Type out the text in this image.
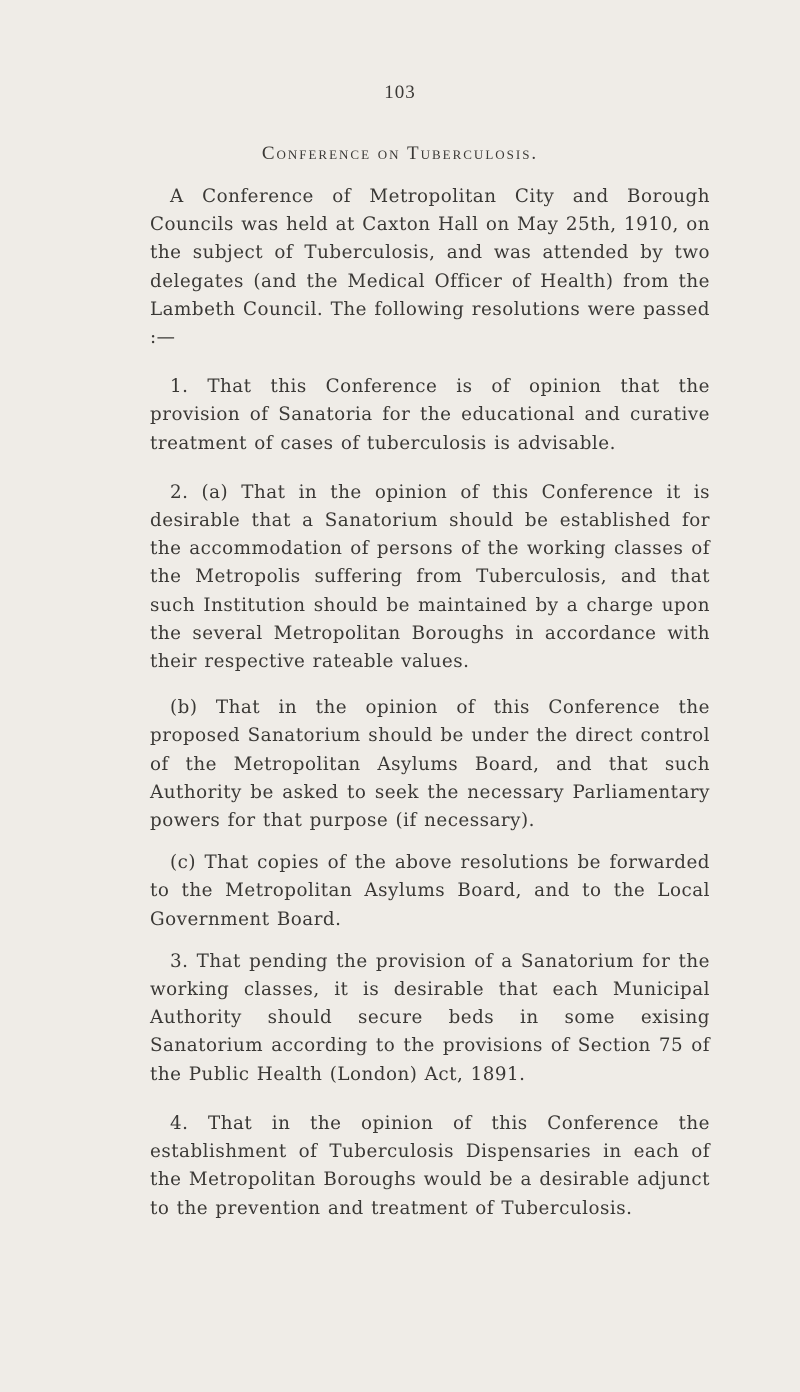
103
Conference on Tuberculosis.

A Conference of Metropolitan City and Borough Councils was held at Caxton Hall on May 25th, 1910, on the subject of Tuberculosis, and was attended by two delegates (and the Medical Officer of Health) from the Lambeth Council. The following resolutions were passed :—

1. That this Conference is of opinion that the provision of Sanatoria for the educational and curative treatment of cases of tuberculosis is advisable.

2. (a) That in the opinion of this Conference it is desirable that a Sanatorium should be established for the accommodation of persons of the working classes of the Metropolis suffering from Tuberculosis, and that such Institution should be maintained by a charge upon the several Metropolitan Boroughs in accordance with their respective rateable values.

(b) That in the opinion of this Conference the proposed Sanatorium should be under the direct control of the Metropolitan Asylums Board, and that such Authority be asked to seek the necessary Parliamentary powers for that purpose (if necessary).

(c) That copies of the above resolutions be forwarded to the Metropolitan Asylums Board, and to the Local Government Board.

3. That pending the provision of a Sanatorium for the working classes, it is desirable that each Municipal Authority should secure beds in some exising Sanatorium according to the provisions of Section 75 of the Public Health (London) Act, 1891.

4. That in the opinion of this Conference the establishment of Tuberculosis Dispensaries in each of the Metropolitan Boroughs would be a desirable adjunct to the prevention and treatment of Tuberculosis.
